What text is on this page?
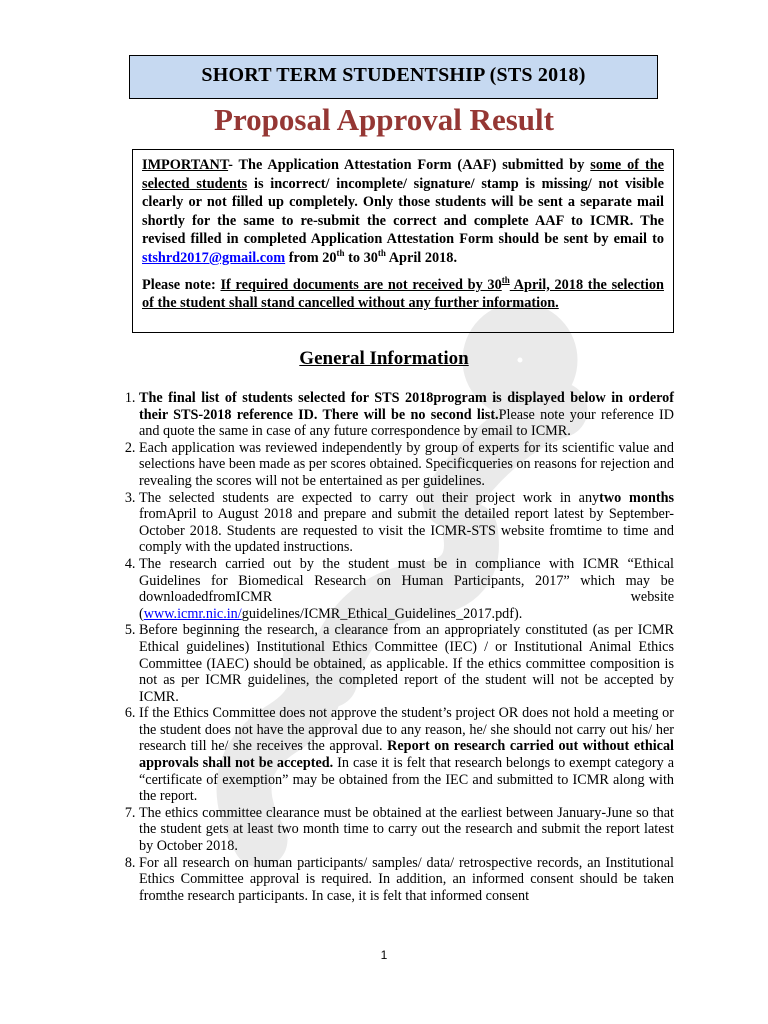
SHORT TERM STUDENTSHIP (STS 2018)
Proposal Approval Result

IMPORTANT- The Application Attestation Form (AAF) submitted by some of the selected students is incorrect/ incomplete/ signature/ stamp is missing/ not visible clearly or not filled up completely. Only those students will be sent a separate mail shortly for the same to re-submit the correct and complete AAF to ICMR. The revised filled in completed Application Attestation Form should be sent by email to stshrd2017@gmail.com from 20th to 30th April 2018.

Please note: If required documents are not received by 30th April, 2018 the selection of the student shall stand cancelled without any further information.

General Information
1. The final list of students selected for STS 2018program is displayed below in orderof their STS-2018 reference ID. There will be no second list.Please note your reference ID and quote the same in case of any future correspondence by email to ICMR.
2. Each application was reviewed independently by group of experts for its scientific value and selections have been made as per scores obtained. Specificqueries on reasons for rejection and revealing the scores will not be entertained as per guidelines.
3. The selected students are expected to carry out their project work in anytwo months fromApril to August 2018 and prepare and submit the detailed report latest by September-October 2018. Students are requested to visit the ICMR-STS website fromtime to time and comply with the updated instructions.
4. The research carried out by the student must be in compliance with ICMR “Ethical Guidelines for Biomedical Research on Human Participants, 2017” which may be downloadedfromICMR website (www.icmr.nic.in/guidelines/ICMR_Ethical_Guidelines_2017.pdf).
5. Before beginning the research, a clearance from an appropriately constituted (as per ICMR Ethical guidelines) Institutional Ethics Committee (IEC) / or Institutional Animal Ethics Committee (IAEC) should be obtained, as applicable. If the ethics committee composition is not as per ICMR guidelines, the completed report of the student will not be accepted by ICMR.
6. If the Ethics Committee does not approve the student’s project OR does not hold a meeting or the student does not have the approval due to any reason, he/ she should not carry out his/ her research till he/ she receives the approval. Report on research carried out without ethical approvals shall not be accepted. In case it is felt that research belongs to exempt category a “certificate of exemption” may be obtained from the IEC and submitted to ICMR along with the report.
7. The ethics committee clearance must be obtained at the earliest between January-June so that the student gets at least two month time to carry out the research and submit the report latest by October 2018.
8. For all research on human participants/ samples/ data/ retrospective records, an Institutional Ethics Committee approval is required. In addition, an informed consent should be taken fromthe research participants. In case, it is felt that informed consent
1
